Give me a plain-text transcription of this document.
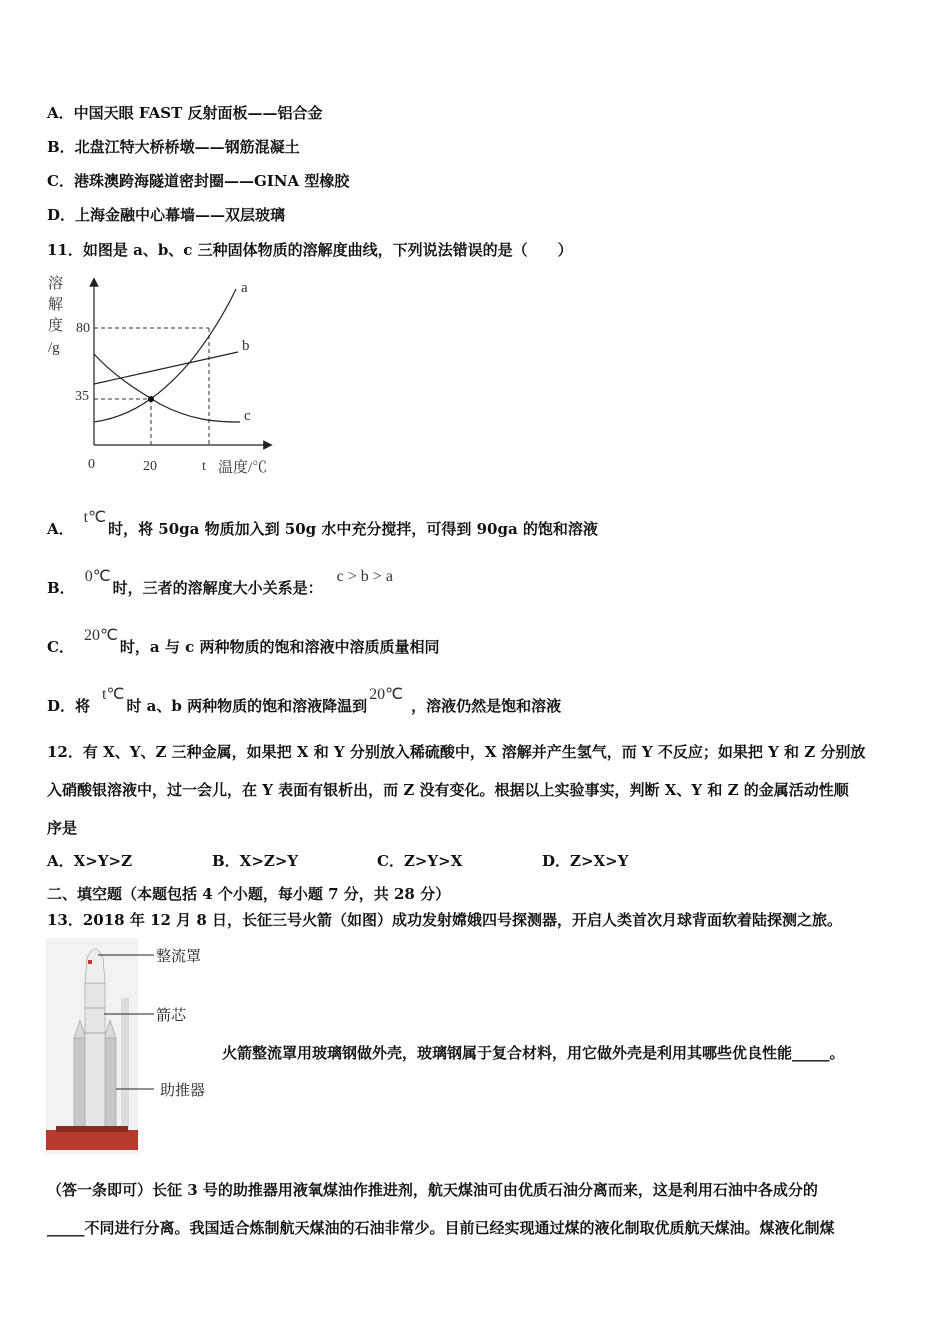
A．中国天眼 FAST 反射面板——铝合金
B．北盘江特大桥桥墩——钢筋混凝土
C．港珠澳跨海隧道密封圈——GINA 型橡胶
D．上海金融中心幕墙——双层玻璃
11．如图是 a、b、c 三种固体物质的溶解度曲线，下列说法错误的是（　　）
溶
解
度
/g
80
35
0	20	t 温度/℃
a
b
c
A．t℃时，将 50ga 物质加入到 50g 水中充分搅拌，可得到 90ga 的饱和溶液
B．0℃时，三者的溶解度大小关系是：c > b > a
C．20℃时，a 与 c 两种物质的饱和溶液中溶质质量相同
D．将t℃时 a、b 两种物质的饱和溶液降温到20℃，溶液仍然是饱和溶液
12．有 X、Y、Z 三种金属，如果把 X 和 Y 分别放入稀硫酸中，X 溶解并产生氢气，而 Y 不反应；如果把 Y 和 Z 分别放
入硝酸银溶液中，过一会儿，在 Y 表面有银析出，而 Z 没有变化。根据以上实验事实，判断 X、Y 和 Z 的金属活动性顺
序是
A．X>Y>Z	B．X>Z>Y	C．Z>Y>X	D．Z>X>Y
二、填空题（本题包括 4 个小题，每小题 7 分，共 28 分）
13．2018 年 12 月 8 日，长征三号火箭（如图）成功发射嫦娥四号探测器，开启人类首次月球背面软着陆探测之旅。
整流罩
箭芯
助推器
火箭整流罩用玻璃钢做外壳，玻璃钢属于复合材料，用它做外壳是利用其哪些优良性能_____。
（答一条即可）长征 3 号的助推器用液氧煤油作推进剂，航天煤油可由优质石油分离而来，这是利用石油中各成分的
_____不同进行分离。我国适合炼制航天煤油的石油非常少。目前已经实现通过煤的液化制取优质航天煤油。煤液化制煤
